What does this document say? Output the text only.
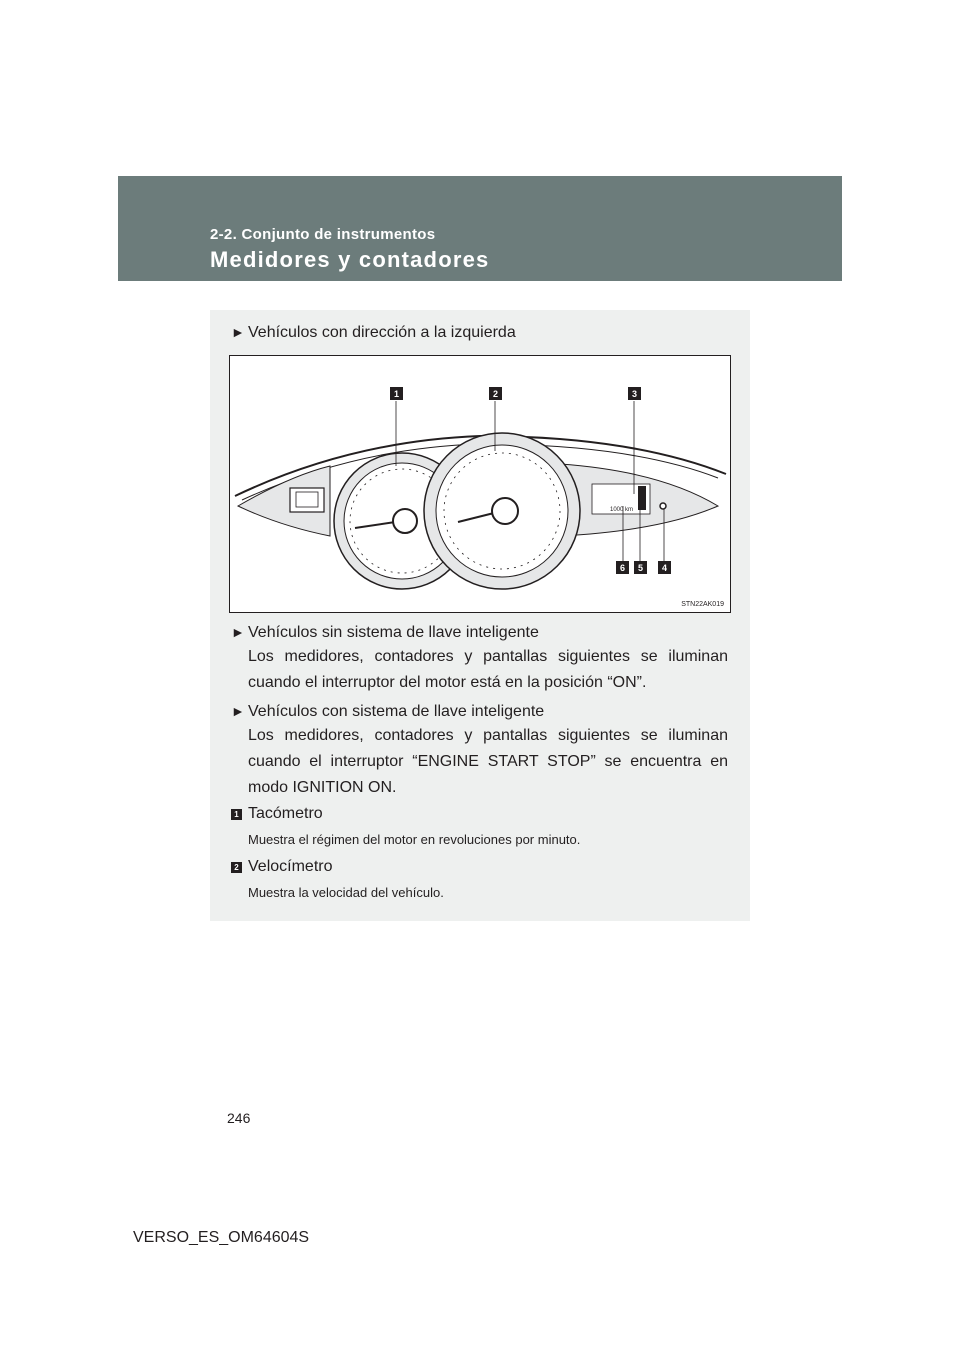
2-2. Conjunto de instrumentos
Medidores y contadores
► Vehículos con dirección a la izquierda
1000 km
1	2	3
6 5 4
STN22AK019
► Vehículos sin sistema de llave inteligente
Los medidores, contadores y pantallas siguientes se iluminan cuando el interruptor del motor está en la posición “ON”.
► Vehículos con sistema de llave inteligente
Los medidores, contadores y pantallas siguientes se iluminan cuando el interruptor “ENGINE START STOP” se encuentra en modo IGNITION ON.
1 Tacómetro
Muestra el régimen del motor en revoluciones por minuto.
2 Velocímetro
Muestra la velocidad del vehículo.
246
VERSO_ES_OM64604S
